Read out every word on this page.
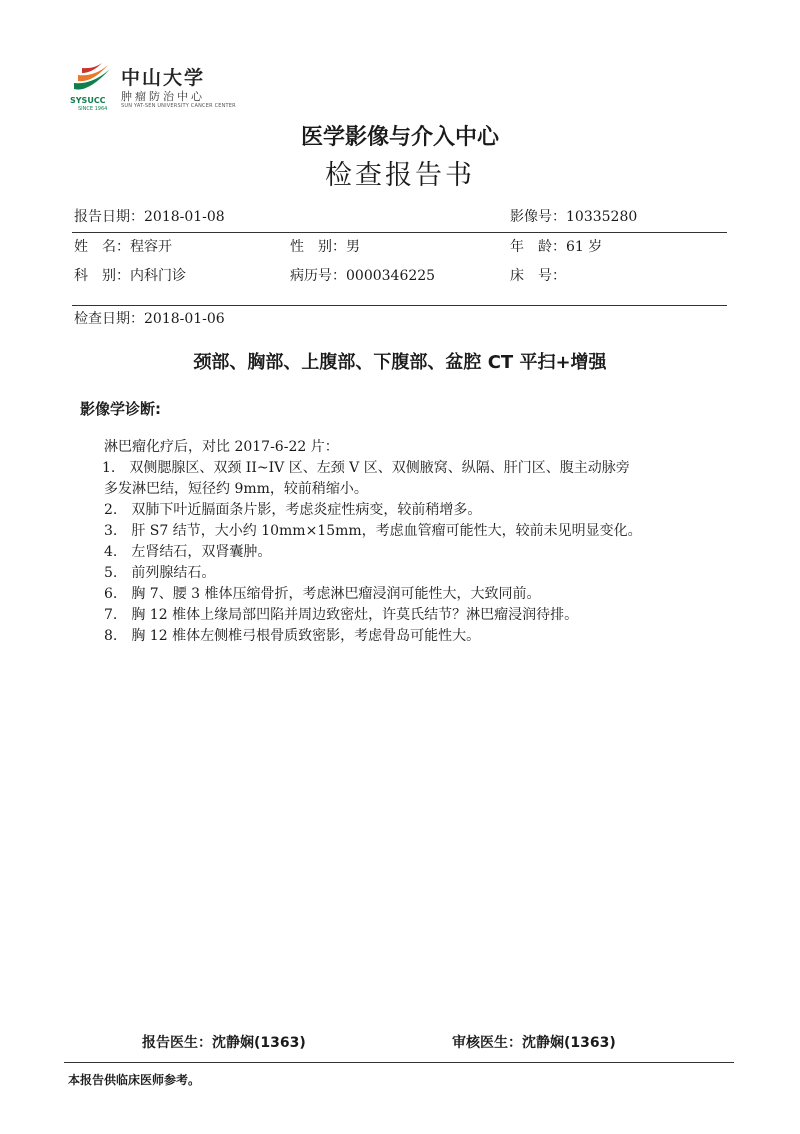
SYSUCC
SINCE 1964
中山大学
肿瘤防治中心
SUN YAT-SEN UNIVERSITY CANCER CENTER
医学影像与介入中心
检查报告书
报告日期：2018-01-08	影像号：10335280
姓　名：程容开	性　别：男	年　龄：61 岁
科　别：内科门诊	病历号：0000346225	床　号：
检查日期：2018-01-06
颈部、胸部、上腹部、下腹部、盆腔 CT 平扫+增强
影像学诊断:
淋巴瘤化疗后，对比 2017-6-22 片：
1.　双侧腮腺区、双颈 II~IV 区、左颈 V 区、双侧腋窝、纵隔、肝门区、腹主动脉旁
多发淋巴结，短径约 9mm，较前稍缩小。
2.　双肺下叶近膈面条片影，考虑炎症性病变，较前稍增多。
3.　肝 S7 结节，大小约 10mm×15mm，考虑血管瘤可能性大，较前未见明显变化。
4.　左肾结石，双肾囊肿。
5.　前列腺结石。
6.　胸 7、腰 3 椎体压缩骨折，考虑淋巴瘤浸润可能性大，大致同前。
7.　胸 12 椎体上缘局部凹陷并周边致密灶，许莫氏结节？淋巴瘤浸润待排。
8.　胸 12 椎体左侧椎弓根骨质致密影，考虑骨岛可能性大。
报告医生：沈静娴(1363)	审核医生：沈静娴(1363)
本报告供临床医师参考。
